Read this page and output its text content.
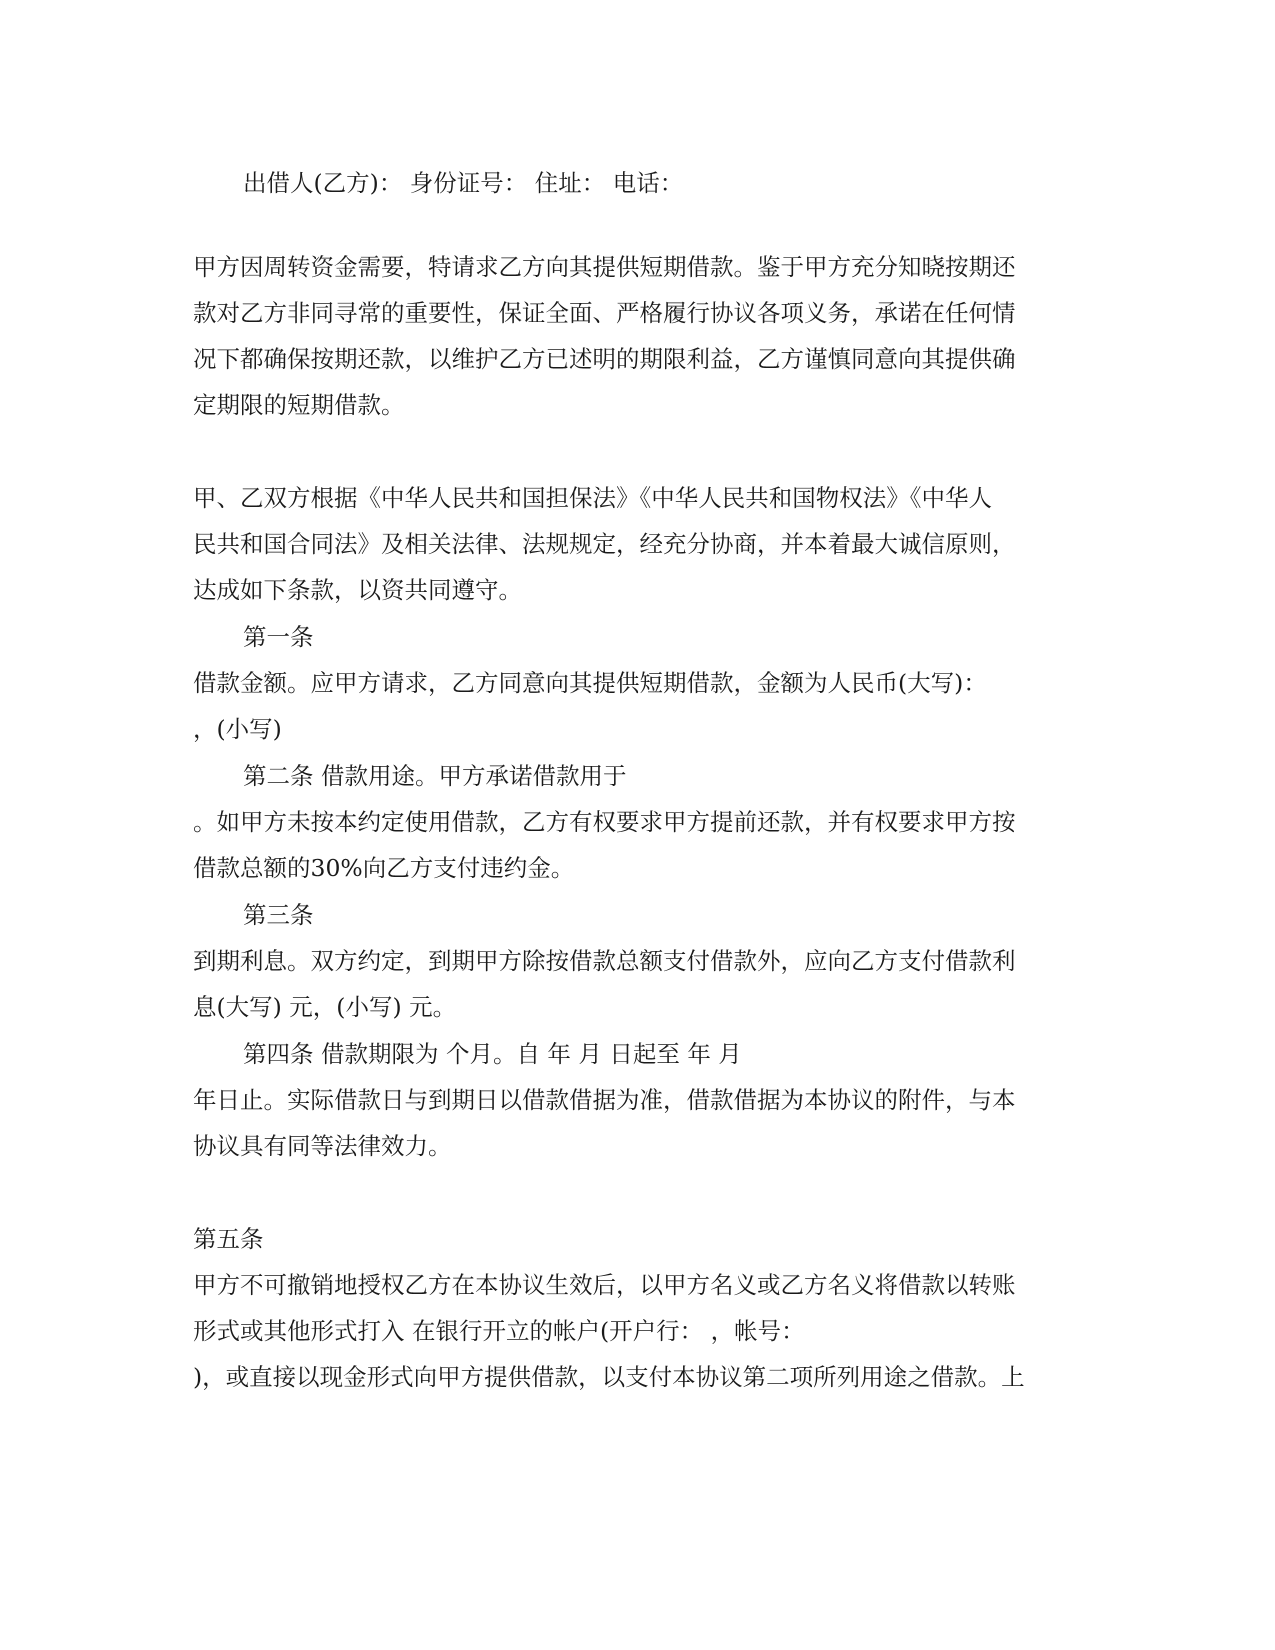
出借人(乙方)： 身份证号： 住址： 电话：
甲方因周转资金需要，特请求乙方向其提供短期借款。鉴于甲方充分知晓按期还
款对乙方非同寻常的重要性，保证全面、严格履行协议各项义务，承诺在任何情
况下都确保按期还款，以维护乙方已述明的期限利益，乙方谨慎同意向其提供确
定期限的短期借款。
甲、乙双方根据《中华人民共和国担保法》《中华人民共和国物权法》《中华人
民共和国合同法》及相关法律、法规规定，经充分协商，并本着最大诚信原则，
达成如下条款，以资共同遵守。
第一条
借款金额。应甲方请求，乙方同意向其提供短期借款，金额为人民币(大写)：
，(小写)
第二条 借款用途。甲方承诺借款用于
。如甲方未按本约定使用借款，乙方有权要求甲方提前还款，并有权要求甲方按
借款总额的30%向乙方支付违约金。
第三条
到期利息。双方约定，到期甲方除按借款总额支付借款外，应向乙方支付借款利
息(大写) 元，(小写) 元。
第四条 借款期限为 个月。自 年 月 日起至 年 月
年日止。实际借款日与到期日以借款借据为准，借款借据为本协议的附件，与本
协议具有同等法律效力。
第五条
甲方不可撤销地授权乙方在本协议生效后，以甲方名义或乙方名义将借款以转账
形式或其他形式打入 在银行开立的帐户(开户行： ，帐号：
)，或直接以现金形式向甲方提供借款，以支付本协议第二项所列用途之借款。上
